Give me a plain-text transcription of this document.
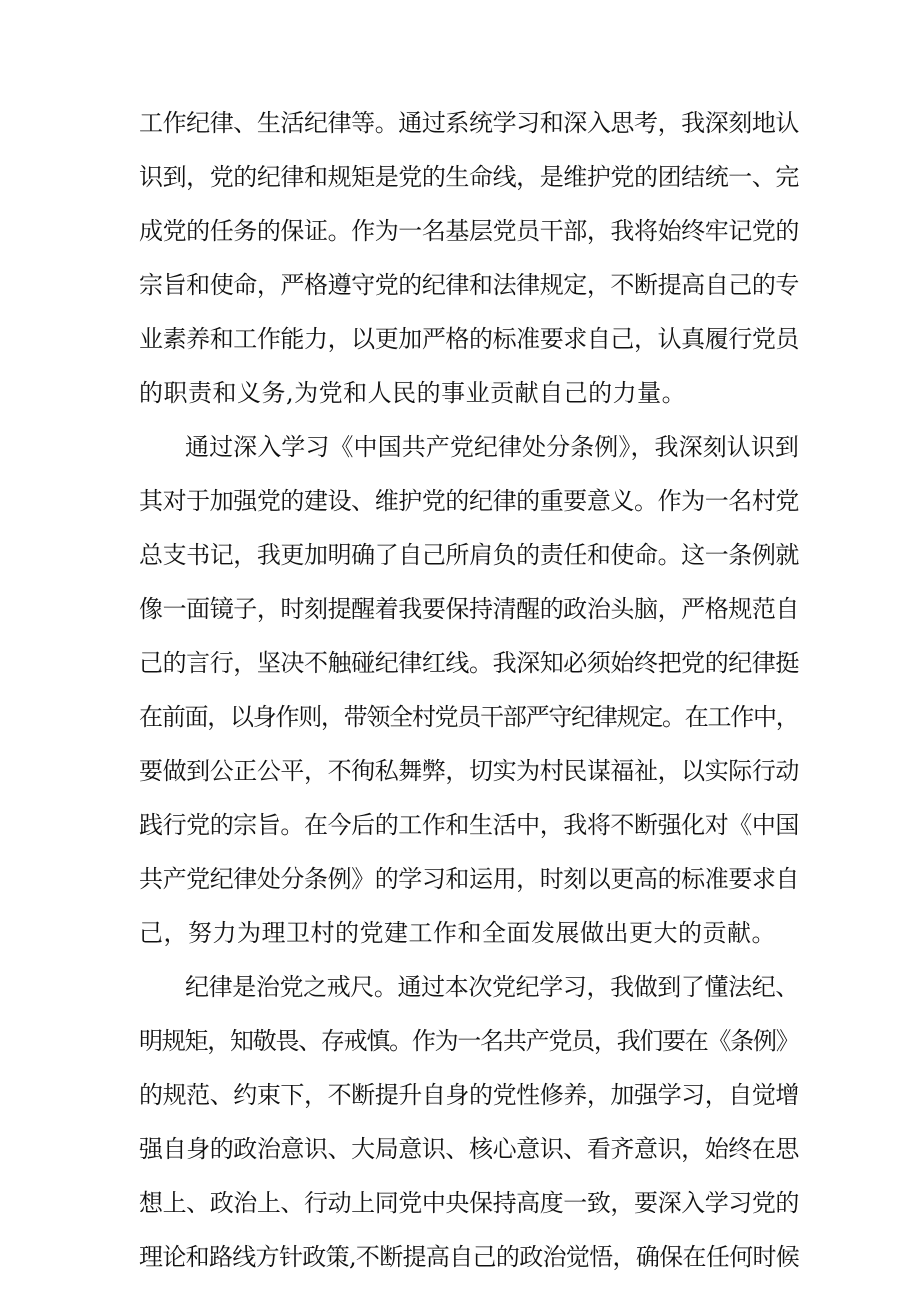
工作纪律、生活纪律等。通过系统学习和深入思考，我深刻地认
识到，党的纪律和规矩是党的生命线，是维护党的团结统一、完
成党的任务的保证。作为一名基层党员干部，我将始终牢记党的
宗旨和使命，严格遵守党的纪律和法律规定，不断提高自己的专
业素养和工作能力，以更加严格的标准要求自己，认真履行党员
的职责和义务,为党和人民的事业贡献自己的力量。
通过深入学习《中国共产党纪律处分条例》，我深刻认识到
其对于加强党的建设、维护党的纪律的重要意义。作为一名村党
总支书记，我更加明确了自己所肩负的责任和使命。这一条例就
像一面镜子，时刻提醒着我要保持清醒的政治头脑，严格规范自
己的言行，坚决不触碰纪律红线。我深知必须始终把党的纪律挺
在前面，以身作则，带领全村党员干部严守纪律规定。在工作中，
要做到公正公平，不徇私舞弊，切实为村民谋福祉，以实际行动
践行党的宗旨。在今后的工作和生活中，我将不断强化对《中国
共产党纪律处分条例》的学习和运用，时刻以更高的标准要求自
己，努力为理卫村的党建工作和全面发展做出更大的贡献。
纪律是治党之戒尺。通过本次党纪学习，我做到了懂法纪、
明规矩，知敬畏、存戒慎。作为一名共产党员，我们要在《条例》
的规范、约束下，不断提升自身的党性修养，加强学习，自觉增
强自身的政治意识、大局意识、核心意识、看齐意识，始终在思
想上、政治上、行动上同党中央保持高度一致，要深入学习党的
理论和路线方针政策,不断提高自己的政治觉悟，确保在任何时候
